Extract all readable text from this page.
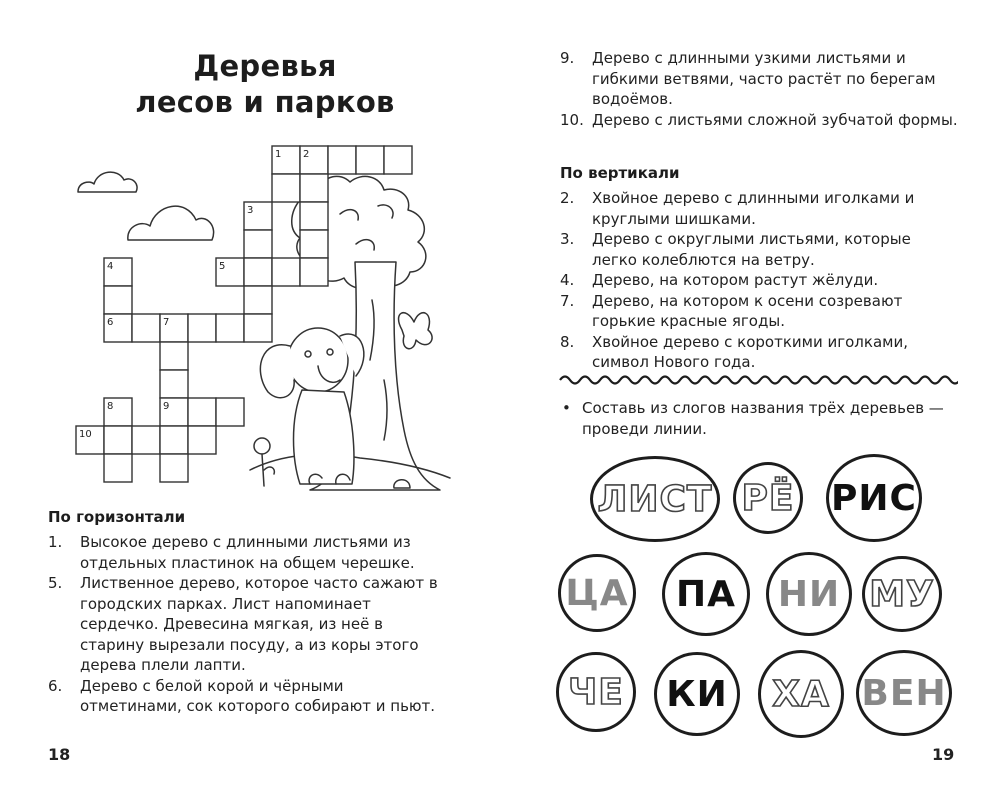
Деревья
лесов и парков
1 2
3
4	5
6	7
8	9
10
По горизонтали
1. Высокое дерево с длинными листьями из отдельных пластинок на общем черешке.
5. Лиственное дерево, которое часто сажают в городских парках. Лист напоминает сердечко. Древесина мягкая, из неё в старину вырезали посуду, а из коры этого дерева плели лапти.
6. Дерево с белой корой и чёрными отметинами, сок которого собирают и пьют.
18	19
9. Дерево с длинными узкими листьями и гибкими ветвями, часто растёт по берегам водоёмов.
10. Дерево с листьями сложной зубчатой формы.
По вертикали
2. Хвойное дерево с длинными иголками и круглыми шишками.
3. Дерево с округлыми листьями, которые легко колеблются на ветру.
4. Дерево, на котором растут жёлуди.
7. Дерево, на котором к осени созревают горькие красные ягоды.
8. Хвойное дерево с короткими иголками, символ Нового года.
• Составь из слогов названия трёх деревьев — проведи линии.
ЛИСТ РЁ РИС
ЦА ПА НИ МУ
ЧЕ КИ ХА ВЕН
